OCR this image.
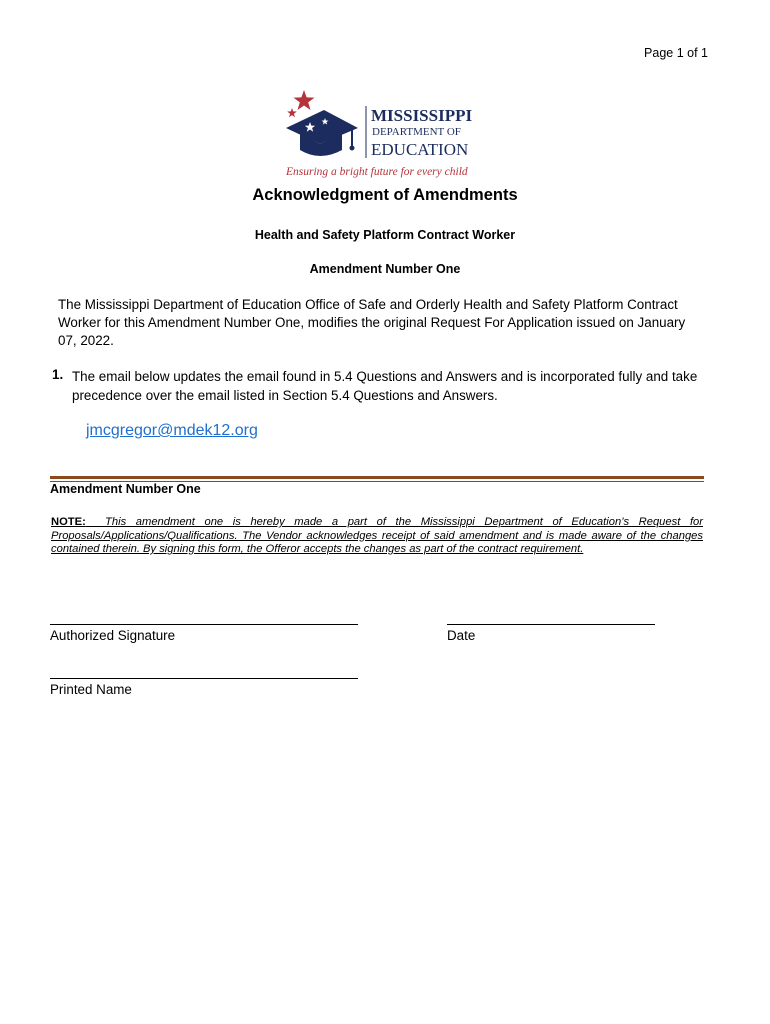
Page 1 of 1
MISSISSIPPI
DEPARTMENT OF
EDUCATION
Ensuring a bright future for every child
Acknowledgment of Amendments
Health and Safety Platform Contract Worker
Amendment Number One
The Mississippi Department of Education Office of Safe and Orderly Health and Safety Platform Contract Worker for this Amendment Number One, modifies the original Request For Application issued on January 07, 2022.
1. The email below updates the email found in 5.4 Questions and Answers and is incorporated fully and take precedence over the email listed in Section 5.4 Questions and Answers.
jmcgregor@mdek12.org
Amendment Number One
NOTE: This amendment one is hereby made a part of the Mississippi Department of Education’s Request for Proposals/Applications/Qualifications. The Vendor acknowledges receipt of said amendment and is made aware of the changes contained therein. By signing this form, the Offeror accepts the changes as part of the contract requirement.
Authorized Signature	Date
Printed Name
